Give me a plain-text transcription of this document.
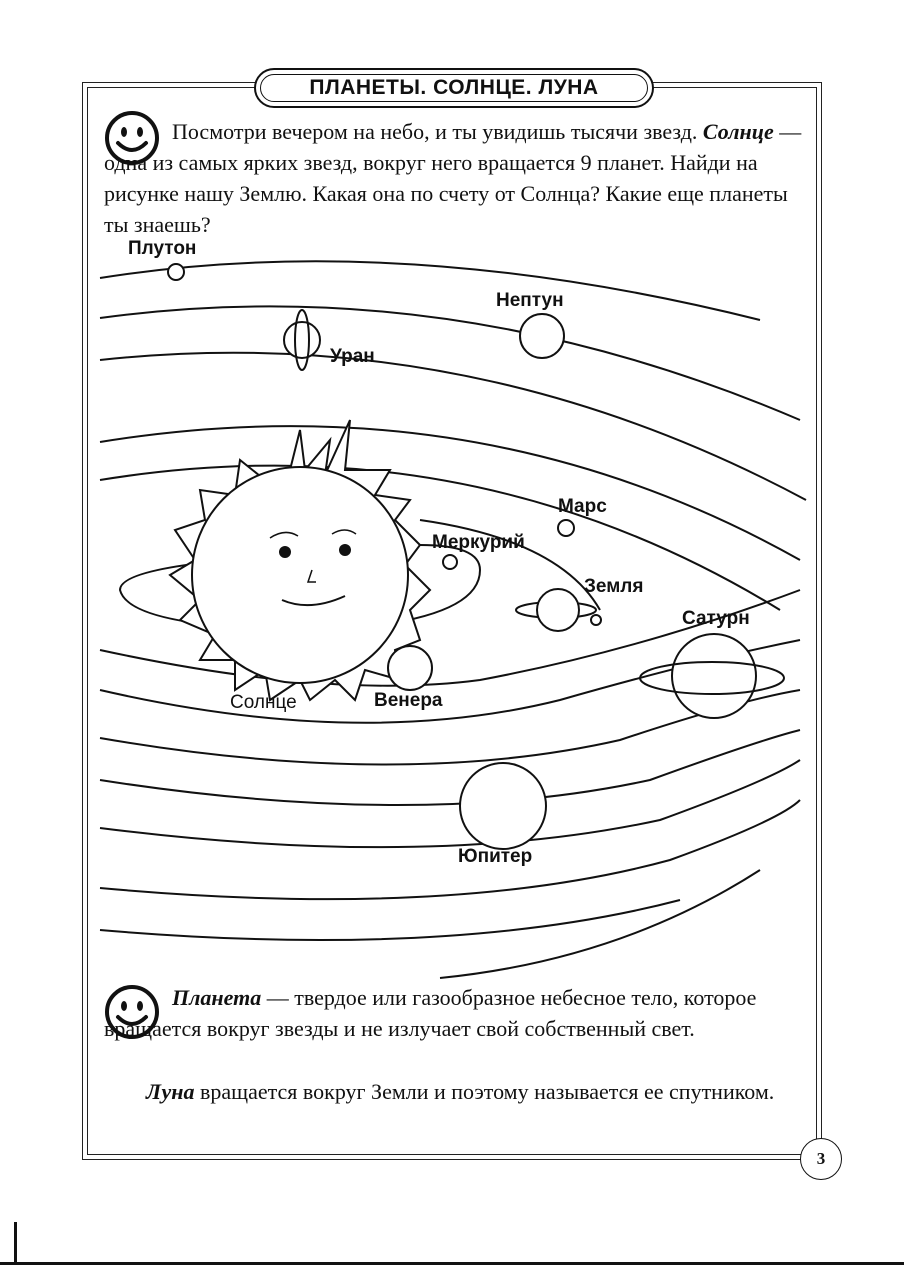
ПЛАНЕТЫ. СОЛНЦЕ. ЛУНА
Посмотри вечером на небо, и ты увидишь тысячи звезд. Солнце — одна из самых ярких звезд, вокруг него вращается 9 планет. Найди на рисунке нашу Землю. Какая она по счету от Солнца? Какие еще планеты ты знаешь?
Плутон
Нептун
Уран
Марс
Меркурий
Земля
Сатурн
Солнце	Венера
Юпитер
Планета — твердое или газообразное небесное тело, которое вращается вокруг звезды и не излучает свой собственный свет.
Луна вращается вокруг Земли и поэтому называется ее спутником.
3
